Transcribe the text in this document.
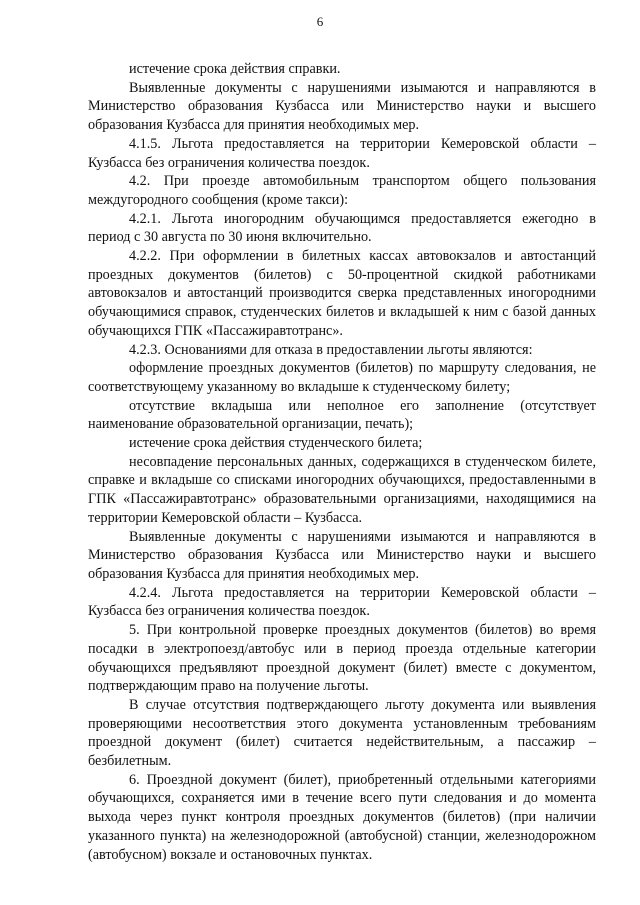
6

истечение срока действия справки.

Выявленные документы с нарушениями изымаются и направляются в Министерство образования Кузбасса или Министерство науки и высшего образования Кузбасса для принятия необходимых мер.

4.1.5. Льгота предоставляется на территории Кемеровской области – Кузбасса без ограничения количества поездок.

4.2. При проезде автомобильным транспортом общего пользования междугородного сообщения (кроме такси):

4.2.1. Льгота иногородним обучающимся предоставляется ежегодно в период с 30 августа по 30 июня включительно.

4.2.2. При оформлении в билетных кассах автовокзалов и автостанций проездных документов (билетов) с 50-процентной скидкой работниками автовокзалов и автостанций производится сверка представленных иногородними обучающимися справок, студенческих билетов и вкладышей к ним с базой данных обучающихся ГПК «Пассажиравтотранс».

4.2.3. Основаниями для отказа в предоставлении льготы являются:

оформление проездных документов (билетов) по маршруту следования, не соответствующему указанному во вкладыше к студенческому билету;

отсутствие вкладыша или неполное его заполнение (отсутствует наименование образовательной организации, печать);

истечение срока действия студенческого билета;

несовпадение персональных данных, содержащихся в студенческом билете, справке и вкладыше со списками иногородних обучающихся, предоставленными в ГПК «Пассажиравтотранс» образовательными организациями, находящимися на территории Кемеровской области – Кузбасса.

Выявленные документы с нарушениями изымаются и направляются в Министерство образования Кузбасса или Министерство науки и высшего образования Кузбасса для принятия необходимых мер.

4.2.4. Льгота предоставляется на территории Кемеровской области – Кузбасса без ограничения количества поездок.

5. При контрольной проверке проездных документов (билетов) во время посадки в электропоезд/автобус или в период проезда отдельные категории обучающихся предъявляют проездной документ (билет) вместе с документом, подтверждающим право на получение льготы.

В случае отсутствия подтверждающего льготу документа или выявления проверяющими несоответствия этого документа установленным требованиям проездной документ (билет) считается недействительным, а пассажир – безбилетным.

6. Проездной документ (билет), приобретенный отдельными категориями обучающихся, сохраняется ими в течение всего пути следования и до момента выхода через пункт контроля проездных документов (билетов) (при наличии указанного пункта) на железнодорожной (автобусной) станции, железнодорожном (автобусном) вокзале и остановочных пунктах.
